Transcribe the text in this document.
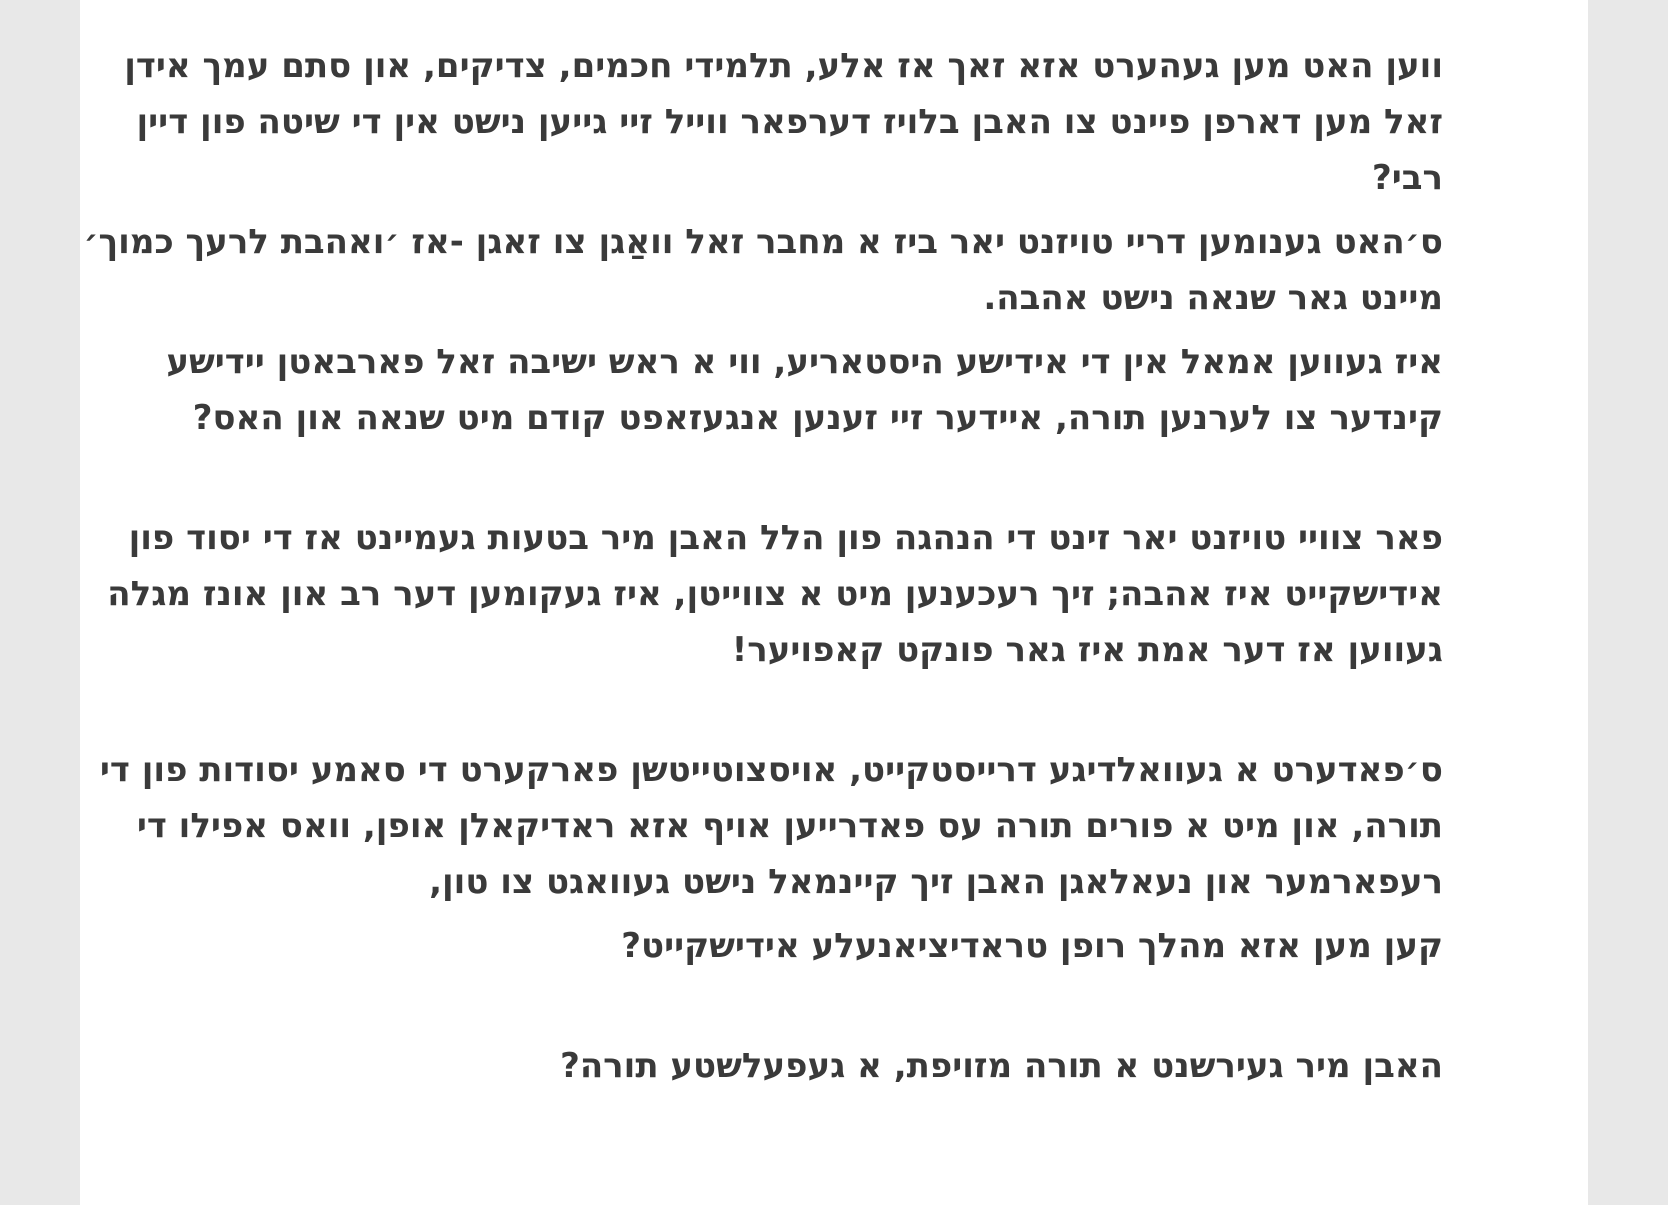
ווען האט מען געהערט אזא זאך אז אלע, תלמידי חכמים, צדיקים, און סתם עמך אידן זאל מען דארפן פיינט צו האבן בלויז דערפאר ווייל זיי גייען נישט אין די שיטה פון דיין רבי?

ס׳האט גענומען דריי טויזנט יאר ביז א מחבר זאל וואַגן צו זאגן -אז ׳ואהבת לרעך כמוך׳ מיינט גאר שנאה נישט אהבה.

איז געווען אמאל אין די אידישע היסטאריע, ווי א ראש ישיבה זאל פארבאטן יידישע קינדער צו לערנען תורה, איידער זיי זענען אנגעזאפט קודם מיט שנאה און האס?

פאר צוויי טויזנט יאר זינט די הנהגה פון הלל האבן מיר בטעות געמיינט אז די יסוד פון אידישקייט איז אהבה; זיך רעכענען מיט א צווייטן, איז געקומען דער רב און אונז מגלה געווען אז דער אמת איז גאר פונקט קאפויער!

ס׳פאדערט א געוואלדיגע דרייסטקייט, אויסצוטייטשן פארקערט די סאמע יסודות פון די תורה, און מיט א פורים תורה עס פאדרייען אויף אזא ראדיקאלן אופן, וואס אפילו די רעפארמער און נעאלאגן האבן זיך קיינמאל נישט געוואגט צו טון,

קען מען אזא מהלך רופן טראדיציאנעלע אידישקייט?

האבן מיר געירשנט א תורה מזויפת, א געפעלשטע תורה?
